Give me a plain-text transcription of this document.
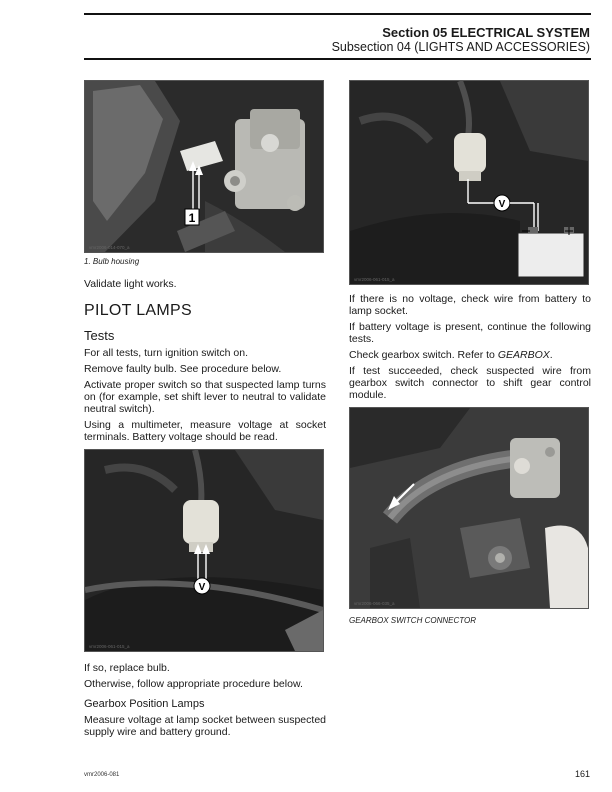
Section 05 ELECTRICAL SYSTEM
Subsection 04 (LIGHTS AND ACCESSORIES)
1
vmr2006-014-070_a
1. Bulb housing

Validate light works.

PILOT LAMPS
Tests

For all tests, turn ignition switch on.

Remove faulty bulb. See procedure below.

Activate proper switch so that suspected lamp turns on (for example, set shift lever to neutral to validate neutral switch).

Using a multimeter, measure voltage at socket terminals. Battery voltage should be read.

V
vmr2006-061-015_a

If so, replace bulb.

Otherwise, follow appropriate procedure below.

Gearbox Position Lamps

Measure voltage at lamp socket between suspected supply wire and battery ground.

V
vmr2006-061-015_a

If there is no voltage, check wire from battery to lamp socket.

If battery voltage is present, continue the following tests.

Check gearbox switch. Refer to GEARBOX.

If test succeeded, check suspected wire from gearbox switch connector to shift gear control module.

vmr2006-066-035_a
GEARBOX SWITCH CONNECTOR
vmr2006-081	161
